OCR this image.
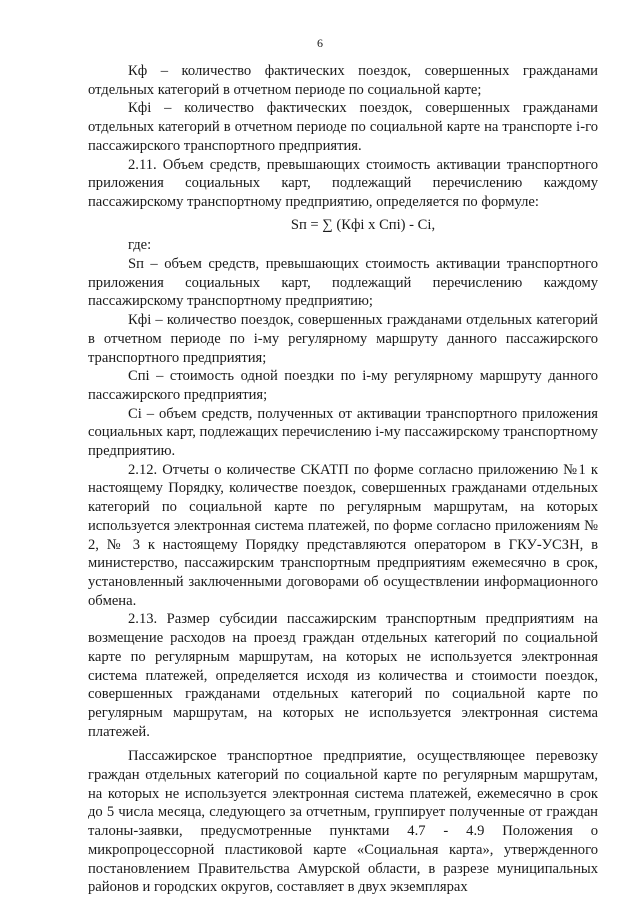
6

Кф – количество фактических поездок, совершенных гражданами отдельных категорий в отчетном периоде по социальной карте;

Кфi – количество фактических поездок, совершенных гражданами отдельных категорий в отчетном периоде по социальной карте на транспорте i-го пассажирского транспортного предприятия.

2.11. Объем средств, превышающих стоимость активации транспортного приложения социальных карт, подлежащий перечислению каждому пассажирскому транспортному предприятию, определяется по формуле:

Sп = ∑ (Кфi x Cпi) - Ci,

где:

Sп – объем средств, превышающих стоимость активации транспортного приложения социальных карт, подлежащий перечислению каждому пассажирскому транспортному предприятию;

Кфi – количество поездок, совершенных гражданами отдельных категорий в отчетном периоде по i-му регулярному маршруту данного пассажирского транспортного предприятия;

Cпi – стоимость одной поездки по i-му регулярному маршруту данного пассажирского предприятия;

Ci – объем средств, полученных от активации транспортного приложения социальных карт, подлежащих перечислению i-му пассажирскому транспортному предприятию.

2.12. Отчеты о количестве СКАТП по форме согласно приложению №1 к настоящему Порядку, количестве поездок, совершенных гражданами отдельных категорий по социальной карте по регулярным маршрутам, на которых используется электронная система платежей, по форме согласно приложениям № 2, № 3 к настоящему Порядку представляются оператором в ГКУ-УСЗН, в министерство, пассажирским транспортным предприятиям ежемесячно в срок, установленный заключенными договорами об осуществлении информационного обмена.

2.13. Размер субсидии пассажирским транспортным предприятиям на возмещение расходов на проезд граждан отдельных категорий по социальной карте по регулярным маршрутам, на которых не используется электронная система платежей, определяется исходя из количества и стоимости поездок, совершенных гражданами отдельных категорий по социальной карте по регулярным маршрутам, на которых не используется электронная система платежей.

Пассажирское транспортное предприятие, осуществляющее перевозку граждан отдельных категорий по социальной карте по регулярным маршрутам, на которых не используется электронная система платежей, ежемесячно в срок до 5 числа месяца, следующего за отчетным, группирует полученные от граждан талоны-заявки, предусмотренные пунктами 4.7 - 4.9 Положения о микропроцессорной пластиковой карте «Социальная карта», утвержденного постановлением Правительства Амурской области, в разрезе муниципальных районов и городских округов, составляет в двух экземплярах
